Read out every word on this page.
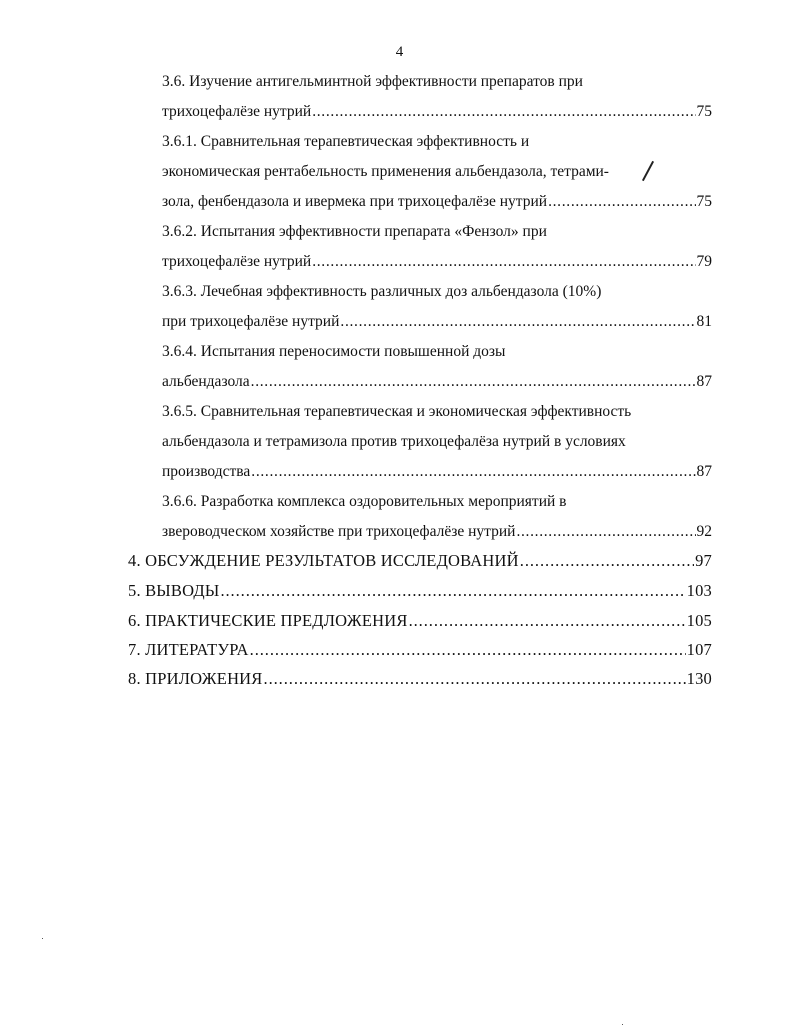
4
3.6. Изучение антигельминтной эффективности препаратов при
трихоцефалёзе нутрий . . .	75
3.6.1. Сравнительная терапевтическая эффективность и
экономическая рентабельность применения альбендазола, тетрами-
зола, фенбендазола и ивермека при трихоцефалёзе нутрий . . .	75
3.6.2. Испытания эффективности препарата «Фензол» при
трихоцефалёзе нутрий . . .	79
3.6.3. Лечебная эффективность различных доз альбендазола (10%)
при трихоцефалёзе нутрий . . .	81
3.6.4. Испытания переносимости повышенной дозы
альбендазола . . .	87
3.6.5. Сравнительная терапевтическая и экономическая эффективность
альбендазола и тетрамизола против трихоцефалёза нутрий в условиях
производства . . .	87
3.6.6. Разработка комплекса оздоровительных мероприятий в
звероводческом хозяйстве при трихоцефалёзе нутрий . . .	92
4. ОБСУЖДЕНИЕ РЕЗУЛЬТАТОВ ИССЛЕДОВАНИЙ . . .	97
5. ВЫВОДЫ . . .	103
6. ПРАКТИЧЕСКИЕ ПРЕДЛОЖЕНИЯ . . .	105
7. ЛИТЕРАТУРА . . .	107
8. ПРИЛОЖЕНИЯ . . .	130
